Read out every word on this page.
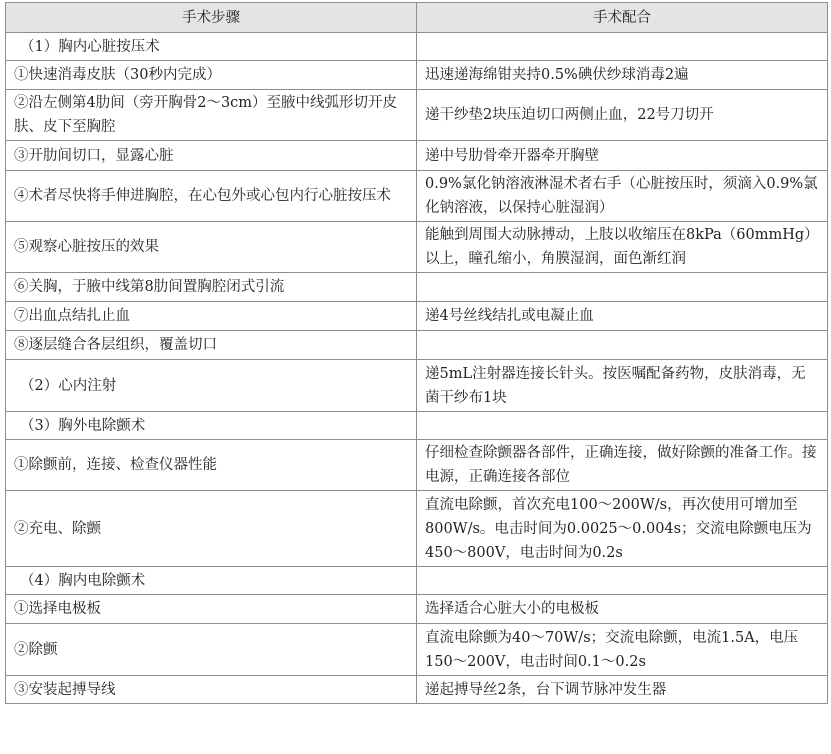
手术步骤	手术配合
（1）胸内心脏按压术	
①快速消毒皮肤（30秒内完成）	迅速递海绵钳夹持0.5%碘伏纱球消毒2遍
②沿左侧第4肋间（旁开胸骨2～3cm）至腋中线弧形切开皮肤、皮下至胸腔	递干纱垫2块压迫切口两侧止血，22号刀切开
③开肋间切口，显露心脏	递中号肋骨牵开器牵开胸壁
④术者尽快将手伸进胸腔，在心包外或心包内行心脏按压术	0.9%氯化钠溶液淋湿术者右手（心脏按压时，须滴入0.9%氯化钠溶液，以保持心脏湿润）
⑤观察心脏按压的效果	能触到周围大动脉搏动，上肢以收缩压在8kPa（60mmHg）以上，瞳孔缩小，角膜湿润，面色渐红润
⑥关胸，于腋中线第8肋间置胸腔闭式引流	
⑦出血点结扎止血	递4号丝线结扎或电凝止血
⑧逐层缝合各层组织，覆盖切口	
（2）心内注射	递5mL注射器连接长针头。按医嘱配备药物，皮肤消毒，无菌干纱布1块
（3）胸外电除颤术	
①除颤前，连接、检查仪器性能	仔细检查除颤器各部件，正确连接，做好除颤的准备工作。接电源，正确连接各部位
②充电、除颤	直流电除颤，首次充电100～200W/s，再次使用可增加至800W/s。电击时间为0.0025～0.004s；交流电除颤电压为450～800V，电击时间为0.2s
（4）胸内电除颤术	
①选择电极板	选择适合心脏大小的电极板
②除颤	直流电除颤为40～70W/s；交流电除颤，电流1.5A，电压150～200V，电击时间0.1～0.2s
③安装起搏导线	递起搏导丝2条，台下调节脉冲发生器
